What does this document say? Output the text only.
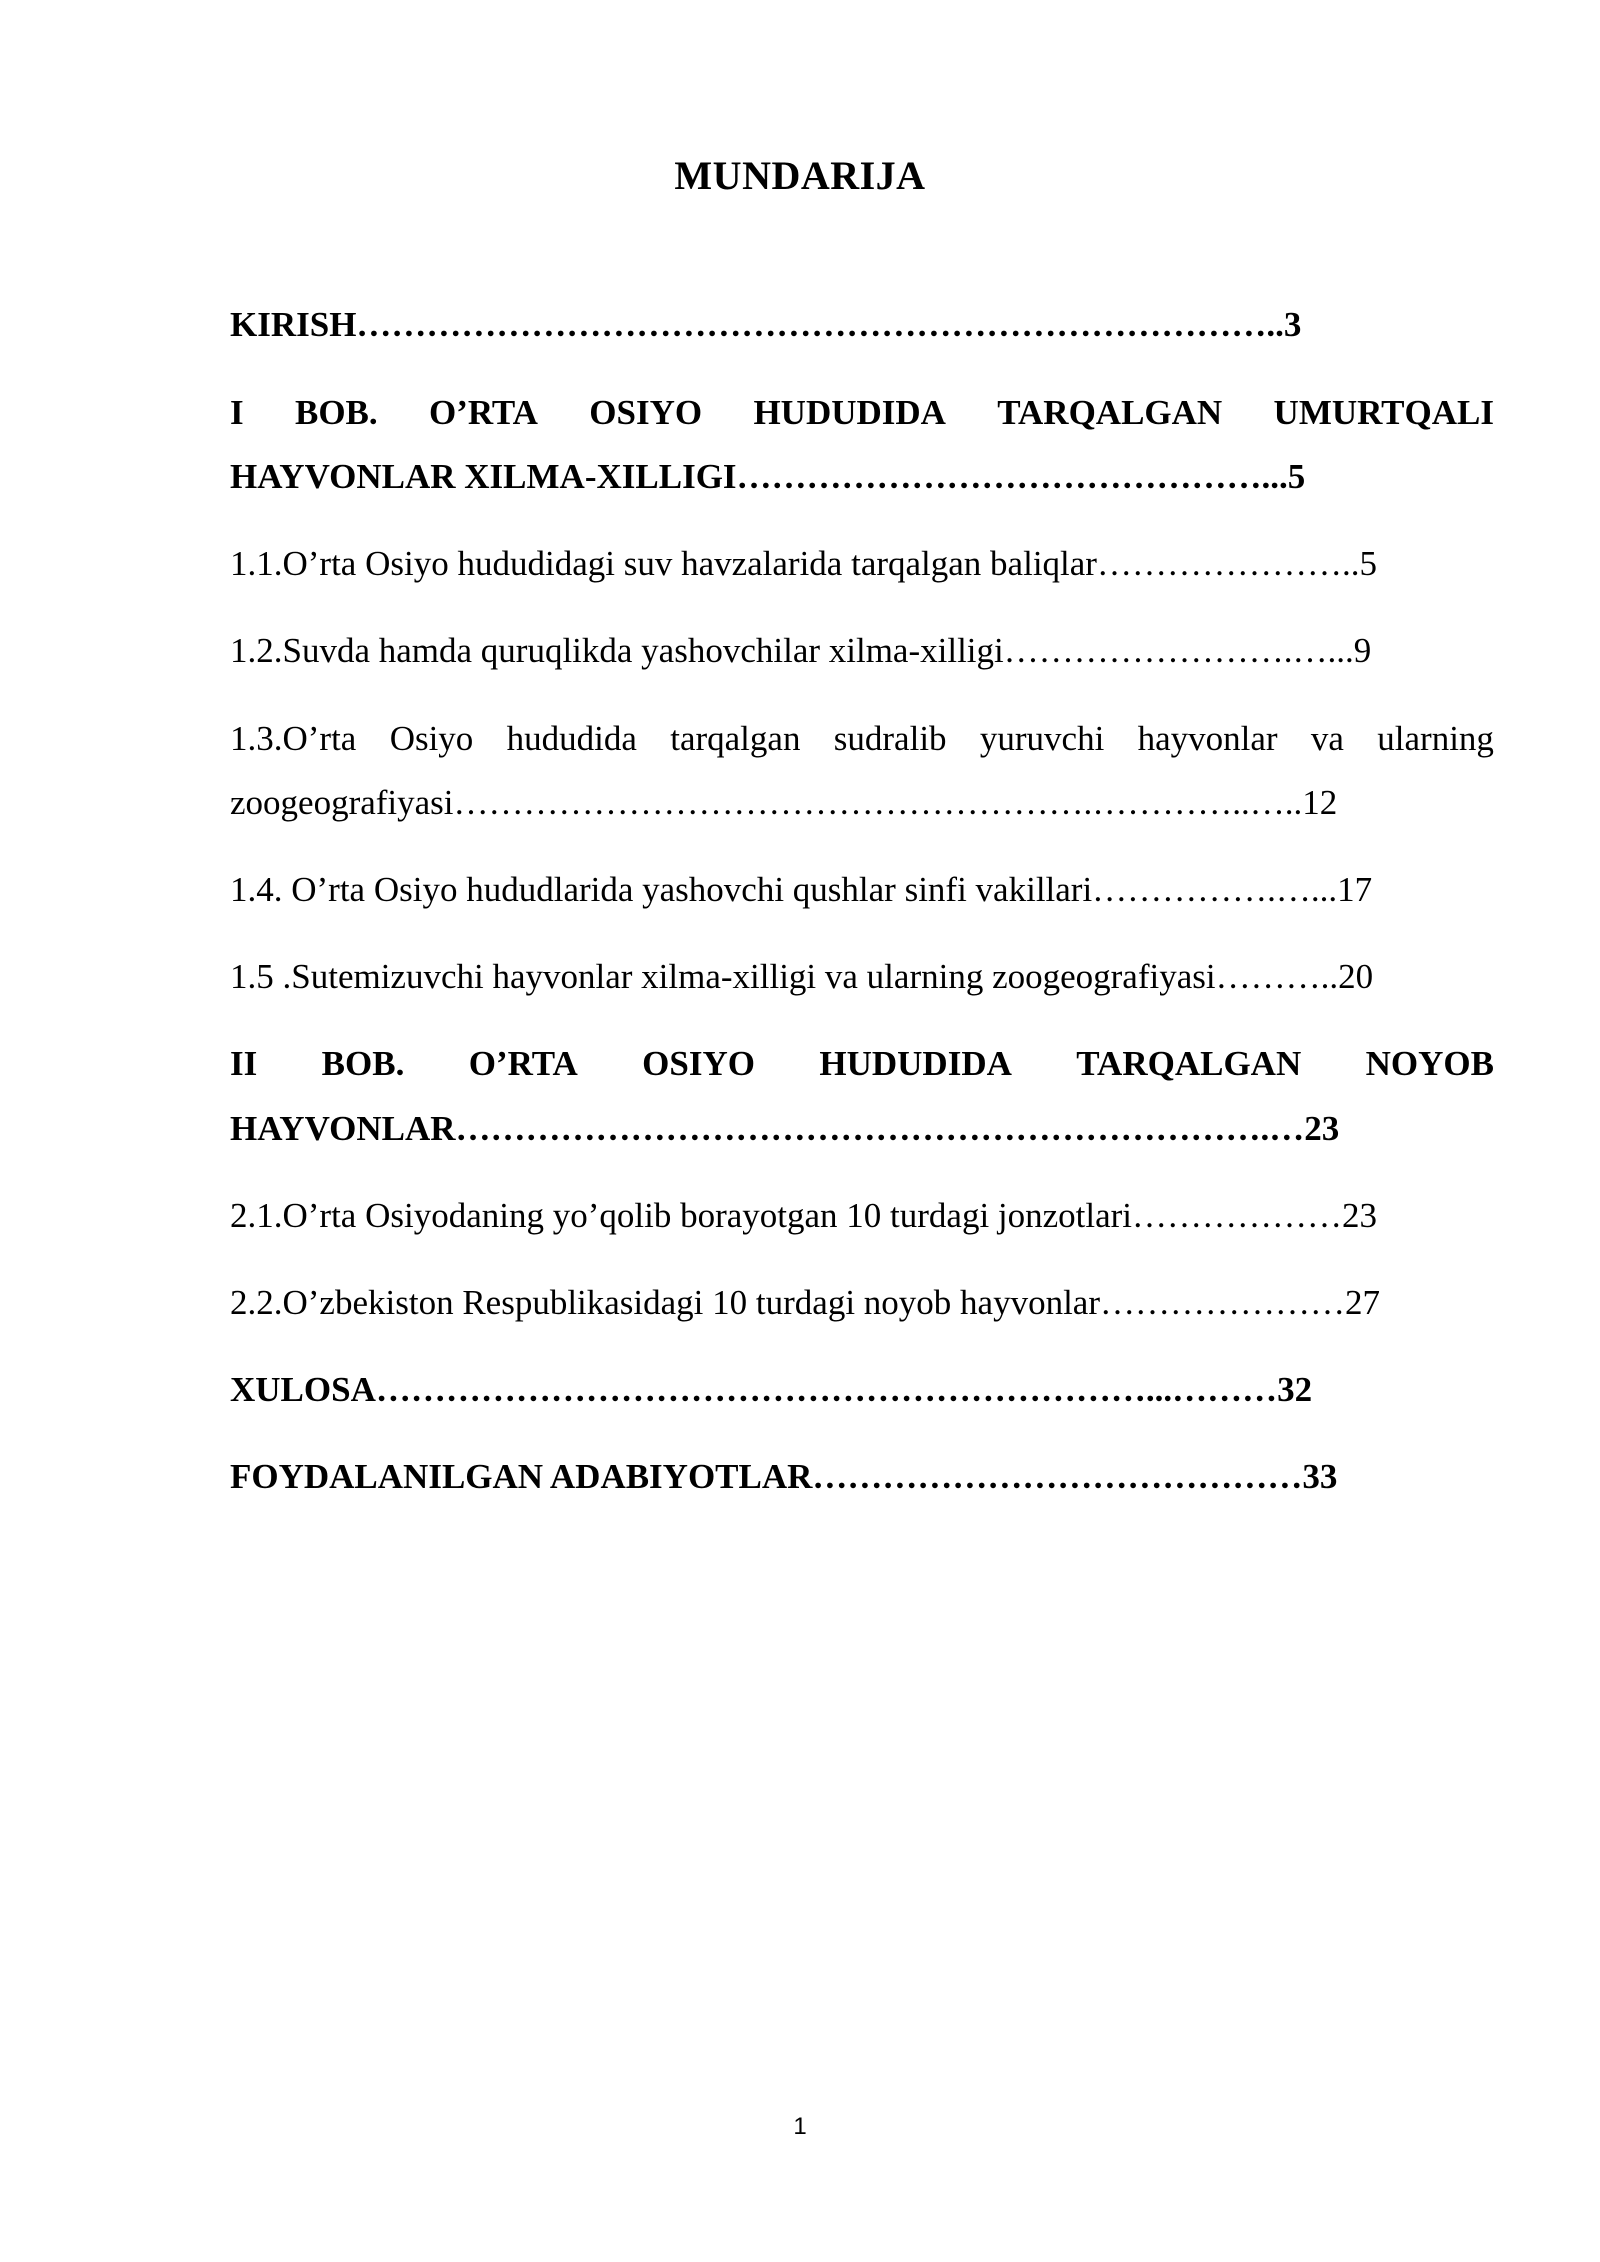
MUNDARIJA
KIRISH……………………………………………………………………..3
I BOB. O’RTA OSIYO HUDUDIDA TARQALGAN UMURTQALI
HAYVONLAR XILMA-XILLIGI………………………………………...5
1.1.O’rta Osiyo hududidagi suv havzalarida tarqalgan baliqlar…………………..5
1.2.Suvda hamda quruqlikda yashovchilar xilma-xilligi…………………….…...9
1.3.O’rta Osiyo hududida tarqalgan sudralib yuruvchi hayvonlar va ularning
zoogeografiyasi……………………………………………….…………..…..12
1.4. O’rta Osiyo hududlarida yashovchi qushlar sinfi vakillari…………….…...17
1.5 .Sutemizuvchi hayvonlar xilma-xilligi va ularning zoogeografiyasi………..20
II BOB. O’RTA OSIYO HUDUDIDA TARQALGAN NOYOB
HAYVONLAR…………………………………………………………….…23
2.1.O’rta Osiyodaning yo’qolib borayotgan 10 turdagi jonzotlari………………23
2.2.O’zbekiston Respublikasidagi 10 turdagi noyob hayvonlar…………………27
XULOSA…………………………………………………………...………32
FOYDALANILGAN ADABIYOTLAR……………………………………33
1
